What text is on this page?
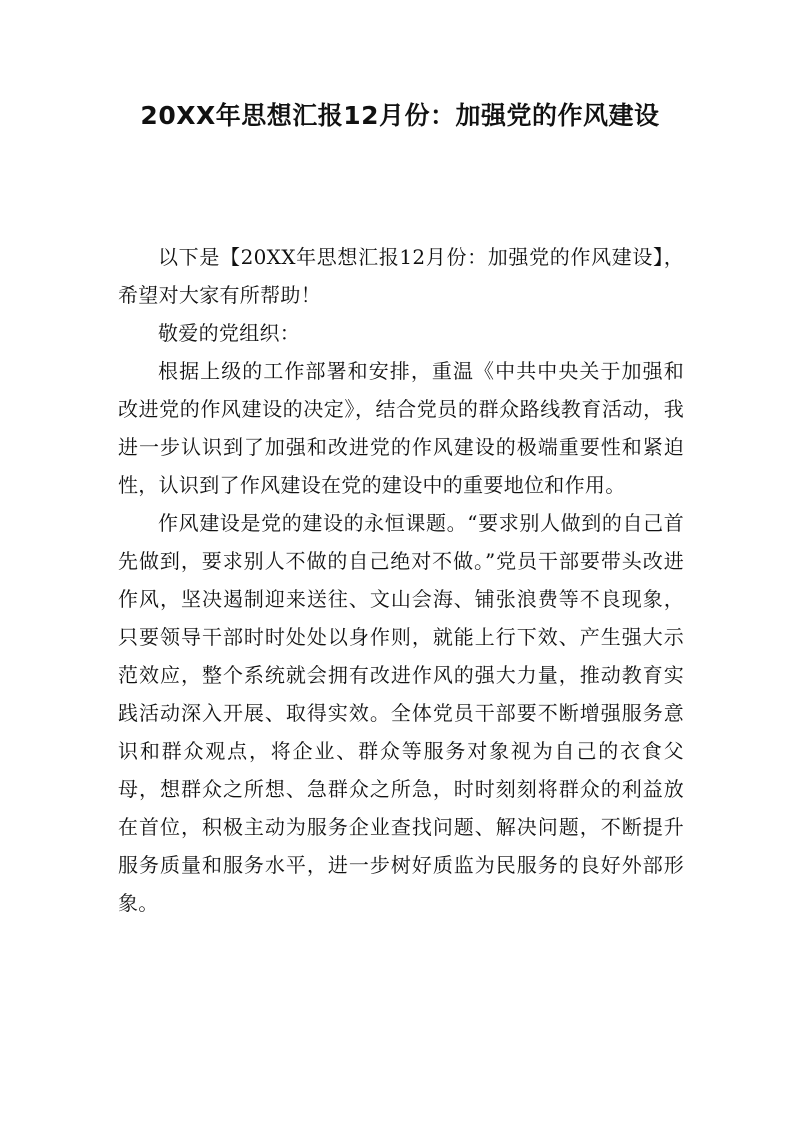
20XX年思想汇报12月份：加强党的作风建设

以下是【20XX年思想汇报12月份：加强党的作风建设】，希望对大家有所帮助！

敬爱的党组织：

根据上级的工作部署和安排，重温《中共中央关于加强和改进党的作风建设的决定》，结合党员的群众路线教育活动，我进一步认识到了加强和改进党的作风建设的极端重要性和紧迫性，认识到了作风建设在党的建设中的重要地位和作用。

作风建设是党的建设的永恒课题。“要求别人做到的自己首先做到，要求别人不做的自己绝对不做。”党员干部要带头改进作风，坚决遏制迎来送往、文山会海、铺张浪费等不良现象，只要领导干部时时处处以身作则，就能上行下效、产生强大示范效应，整个系统就会拥有改进作风的强大力量，推动教育实践活动深入开展、取得实效。全体党员干部要不断增强服务意识和群众观点，将企业、群众等服务对象视为自己的衣食父母，想群众之所想、急群众之所急，时时刻刻将群众的利益放在首位，积极主动为服务企业查找问题、解决问题，不断提升服务质量和服务水平，进一步树好质监为民服务的良好外部形象。
